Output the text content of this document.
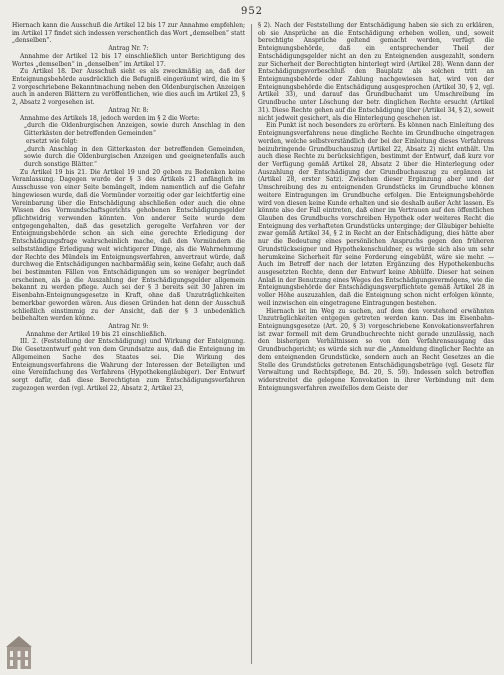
952

Hiernach kann die Ausschuß die Artikel 12 bis 17 zur Annahme empfehlen; im Artikel 17 findet sich indessen verschentlich das Wort „demselben“ statt „denselben“.

Antrag Nr. 7:

Annahme der Artikel 12 bis 17 einschließlich unter Berichtigung des Wortes „demselben“ in „denselben“ im Artikel 17.

Zu Artikel 18. Der Ausschuß sieht es als zweckmäßig an, daß der Enteignungsbehörde ausdrücklich die Befugniß eingeräumt wird, die im § 2 vorgeschriebene Bekanntmachung neben den Oldenburgischen Anzeigen auch in anderen Blättern zu veröffentlichen, wie dies auch im Artikel 23, § 2, Absatz 2 vorgesehen ist.

Antrag Nr. 8:

Annahme des Artikels 18, jedoch werden im § 2 die Worte:

„durch die Oldenburgischen Anzeigen, sowie durch Anschlag in den Gitterkästen der betreffenden Gemeinden“

ersetzt wie folgt:

„durch Anschlag in den Gitterkasten der betreffenden Gemeinden, sowie durch die Oldenburgischen Anzeigen und geeignetenfalls auch durch sonstige Blätter.“

Zu Artikel 19 bis 21. Die Artikel 19 und 20 geben zu Bedenken keine Veranlassung. Dagegen wurde der § 3 des Artikels 21 anfänglich im Ausschusse von einer Seite bemängelt, indem namentlich auf die Gefahr hingewiesen wurde, daß die Vormünder vorzeitig oder gar leichtfertig eine Vereinbarung über die Entschädigung abschließen oder auch die ohne Wissen des Vormundschaftsgerichts gehobenen Entschädigungsgelder pflichtwidrig verwenden könnten. Von anderer Seite wurde dem entgegengehalten, daß das gesetzlich geregelte Verfahren vor der Enteignungsbehörde schon an sich eine gerechte Erledigung der Entschädigungsfrage wahrscheinlich mache, daß den Vormündern die selbstständige Erledigung weit wichtigerer Dinge, als die Wahrnehmung der Rechte des Mündels im Enteignungsverfahren, anvertraut würde, daß durchweg die Entschädigungen nachbarmäßig sein, keine Gefahr, auch daß bei bestimmten Fällen von Entschädigungen um so weniger begründet erscheinen, als ja die Auszahlung der Entschädigungsgelder allgemein bekannt zu werden pflege. Auch sei der § 3 bereits seit 30 Jahren im Eisenbahn-Enteignungsgesetze in Kraft, ohne daß Unzuträglichkeiten bemerkbar geworden wären. Aus diesen Gründen hat denn der Ausschuß schließlich einstimmig zu der Ansicht, daß der § 3 unbedenklich beibehalten werden könne.

Antrag Nr. 9:

Annahme der Artikel 19 bis 21 einschließlich.

III. 2. (Feststellung der Entschädigung) und Wirkung der Enteignung. Die Gesetzentwurf geht von dem Grundsatze aus, daß die Enteignung im Allgemeinen Sache des Staates sei. Die Wirkung des Enteignungsverfahrens die Wahrung der Interessen der Beteiligten und eine Vereinfachung des Verfahrens (Hypothekengläubiger). Der Entwurf sorgt dafür, daß diese Berechtigten zum Entschädigungsverfahren zugezogen werden (vgl. Artikel 22, Absatz 2, Artikel 23,

§ 2). Nach der Feststellung der Entschädigung haben sie sich zu erklären, ob sie Ansprüche an die Entschädigung erheben wollen, und, soweit berechtigte Ansprüche geltend gemacht werden, verfügt die Enteignungsbehörde, daß ein entsprechender Theil der Entschädigungsgelder nicht an den zu Enteignenden ausgezahlt, sondern zur Sicherheit der Berechtigten hinterlegt wird (Artikel 28). Wenn dann der Entschädigungsvorbeschluß den Bauplatz als solchen tritt an Enteignungsbehörde oder Zahlung nachgewiesen hat, wird von der Enteignungsbehörde die Entschädigung ausgesprochen (Artikel 30, § 2, vgl. Artikel 33), und darauf das Grundbuchamt um Umschreibung im Grundbuche unter Löschung der betr. dinglichen Rechte ersucht (Artikel 31). Diese Rechte gehen auf die Entschädigung über (Artikel 34, § 2), soweit nicht jedweit gesichert, als die Hinterlegung geschehen ist.

Ein Punkt ist noch besonders zu erörtern. Es können nach Einleitung des Enteignungsverfahrens neue dingliche Rechte im Grundbuche eingetragen werden, welche selbstverständlich der bei der Einleitung dieses Verfahrens beizubringende Grundbuchauszug (Artikel 22, Absatz 2) nicht enthält. Um auch diese Rechte zu berücksichtigen, bestimmt der Entwurf, daß kurz vor der Verfügung gemäß Artikel 28, Absatz 2 über die Hinterlegung oder Auszahlung der Entschädigung der Grundbuchauszug zu ergänzen ist (Artikel 28, erster Satz). Zwischen dieser Ergänzung aber und der Umschreibung des zu enteignenden Grundstücks im Grundbuche können weitere Eintragungen im Grundbuche erfolgen. Die Enteignungsbehörde wird von diesen keine Kunde erhalten und sie deshalb außer Acht lassen. Es könnte also der Fall eintreten, daß einer im Vertrauen auf den öffentlichen Glauben des Grundbuchs vorschreiben Hypothek oder weiteres Recht die Enteignung des verhafteten Grundstücks unterginge; der Gläubiger behielte zwar gemäß Artikel 34, § 2 in Recht an der Entschädigung, dies hätte aber nur die Bedeutung eines persönlichen Anspruchs gegen den früheren Grundstückseigner und Hypothekenschuldner, es würde sich also um sehr herumkeine Sicherheit für seine Forderung eingebüßt, wäre sie mehr. — Auch im Betreff der nach der letzten Ergänzung des Hypothekenbuchs ausgesetzten Rechte, denn der Entwurf keine Abhülfe. Dieser hat seinen Anlaß in der Benutzung eines Weges des Entschädigungsvermögens, wie die Enteignungsbehörde der Entschädigungsverpflichtete gemäß Artikel 28 in voller Höhe auszuzahlen, daß die Enteignung schon nicht erfolgen könnte, weil inzwischen ein eingetragene Eintragungen bestehen.

Hiernach ist im Weg zu suchen, auf dem den vorstehend erwähnten Unzuträglichkeiten entgegen getreten werden kann. Das im Eisenbahn-Enteignungsgesetze (Art. 20, § 3) vorgeschriebene Konvokationsverfahren ist zwar formell mit dem Grundbuchrechte nicht gerade unzulässig, nach den bisherigen Verhältnissen so von den Verfahrensausgang das Grundbuchgericht; es würde sich nur die „Anmeldung dinglicher Rechte an dem enteignenden Grundstücke, sondern auch an Recht Gesetzes an die Stelle des Grundstücks getretenen Entschädigungsbeträge (vgl. Gesetz für Verwaltung und Rechtspflege, Bd. 20, S. 59). Indessen solch betroffen widerstreitet die gelegene Konvokation in ihrer Verbindung mit dem Enteignungsverfahren zweifellos dem Geiste der
